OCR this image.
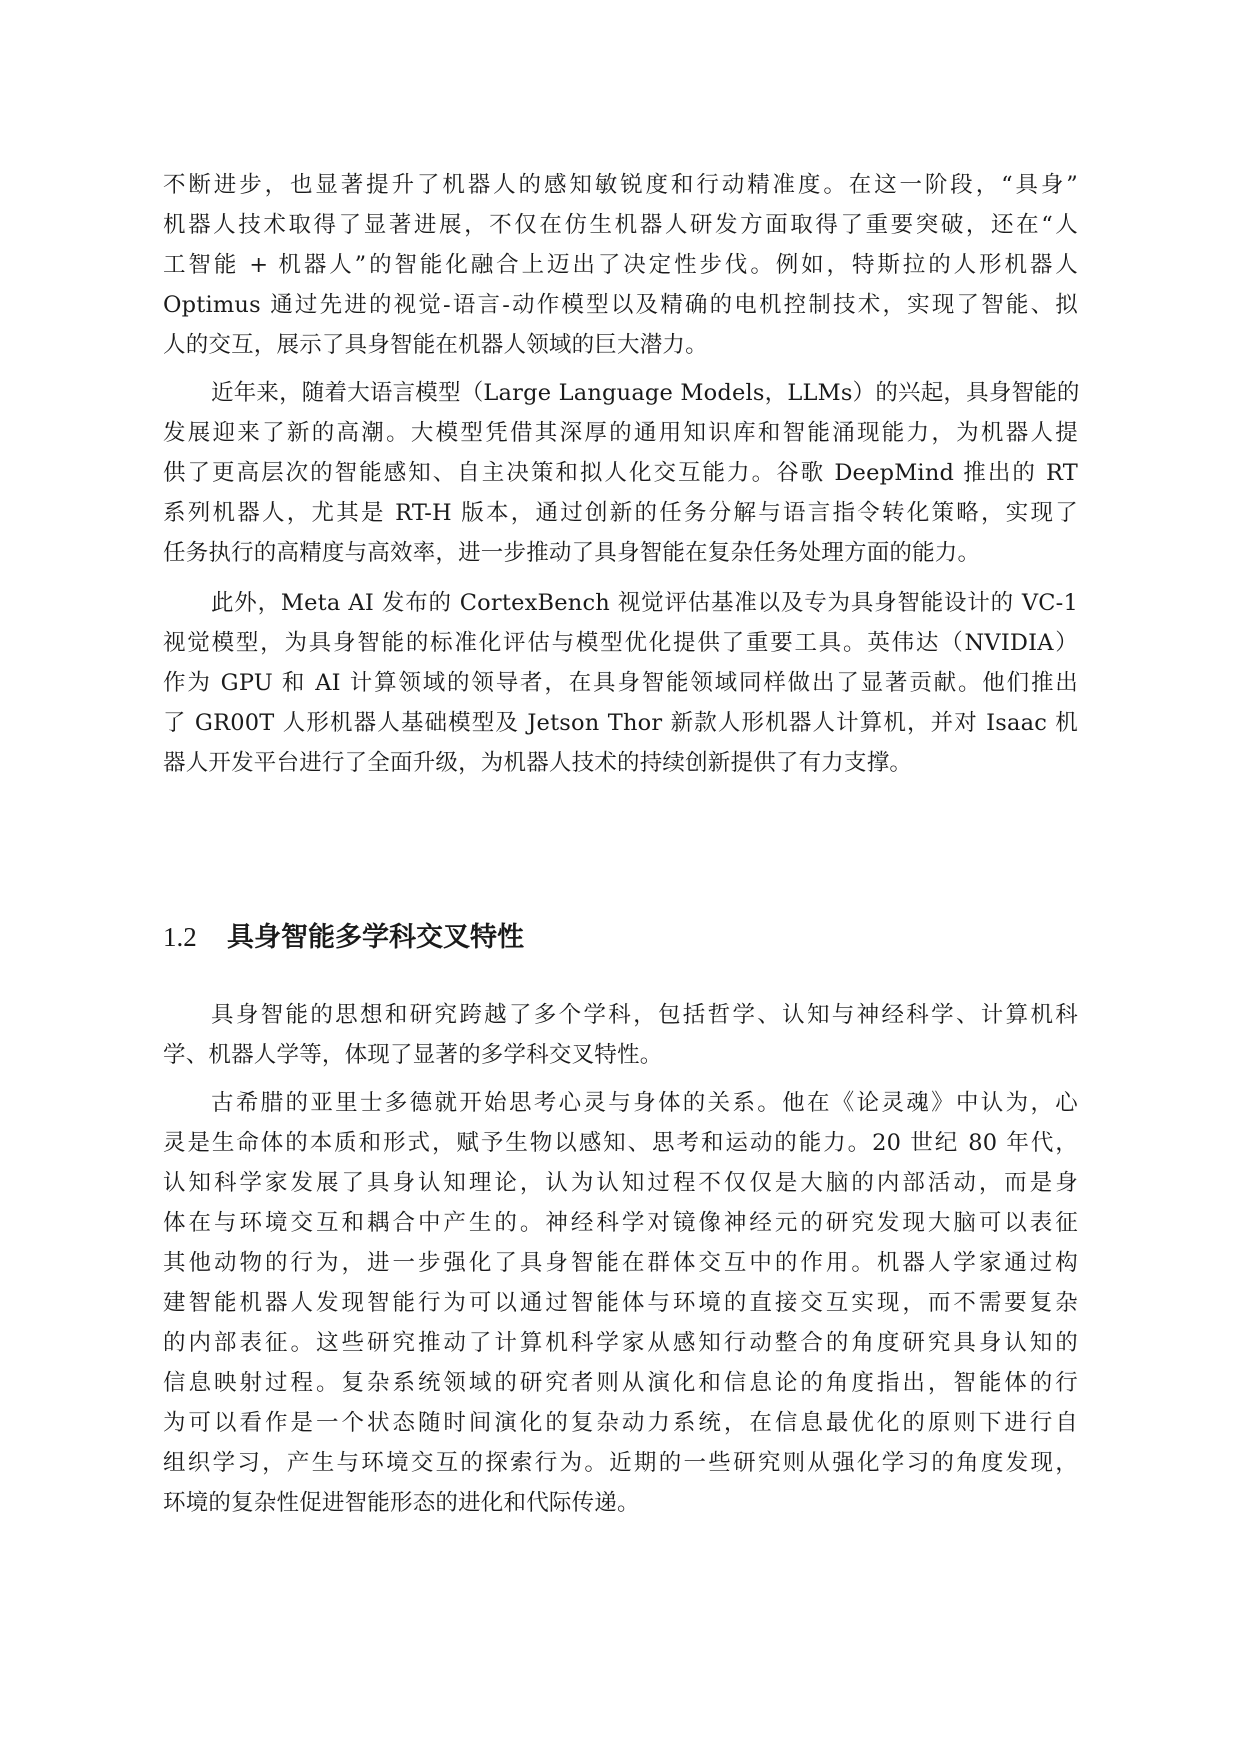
不断进步，也显著提升了机器人的感知敏锐度和行动精准度。在这一阶段，“具身”
机器人技术取得了显著进展，不仅在仿生机器人研发方面取得了重要突破，还在“人
工智能 + 机器人”的智能化融合上迈出了决定性步伐。例如，特斯拉的人形机器人
Optimus 通过先进的视觉-语言-动作模型以及精确的电机控制技术，实现了智能、拟
人的交互，展示了具身智能在机器人领域的巨大潜力。
近年来，随着大语言模型（Large Language Models，LLMs）的兴起，具身智能的
发展迎来了新的高潮。大模型凭借其深厚的通用知识库和智能涌现能力，为机器人提
供了更高层次的智能感知、自主决策和拟人化交互能力。谷歌 DeepMind 推出的 RT
系列机器人，尤其是 RT-H 版本，通过创新的任务分解与语言指令转化策略，实现了
任务执行的高精度与高效率，进一步推动了具身智能在复杂任务处理方面的能力。
此外，Meta AI 发布的 CortexBench 视觉评估基准以及专为具身智能设计的 VC-1
视觉模型，为具身智能的标准化评估与模型优化提供了重要工具。英伟达（NVIDIA）
作为 GPU 和 AI 计算领域的领导者，在具身智能领域同样做出了显著贡献。他们推出
了 GR00T 人形机器人基础模型及 Jetson Thor 新款人形机器人计算机，并对 Isaac 机
器人开发平台进行了全面升级，为机器人技术的持续创新提供了有力支撑。
1.2 具身智能多学科交叉特性
具身智能的思想和研究跨越了多个学科，包括哲学、认知与神经科学、计算机科
学、机器人学等，体现了显著的多学科交叉特性。
古希腊的亚里士多德就开始思考心灵与身体的关系。他在《论灵魂》中认为，心
灵是生命体的本质和形式，赋予生物以感知、思考和运动的能力。20 世纪 80 年代，
认知科学家发展了具身认知理论，认为认知过程不仅仅是大脑的内部活动，而是身
体在与环境交互和耦合中产生的。神经科学对镜像神经元的研究发现大脑可以表征
其他动物的行为，进一步强化了具身智能在群体交互中的作用。机器人学家通过构
建智能机器人发现智能行为可以通过智能体与环境的直接交互实现，而不需要复杂
的内部表征。这些研究推动了计算机科学家从感知行动整合的角度研究具身认知的
信息映射过程。复杂系统领域的研究者则从演化和信息论的角度指出，智能体的行
为可以看作是一个状态随时间演化的复杂动力系统，在信息最优化的原则下进行自
组织学习，产生与环境交互的探索行为。近期的一些研究则从强化学习的角度发现，
环境的复杂性促进智能形态的进化和代际传递。
